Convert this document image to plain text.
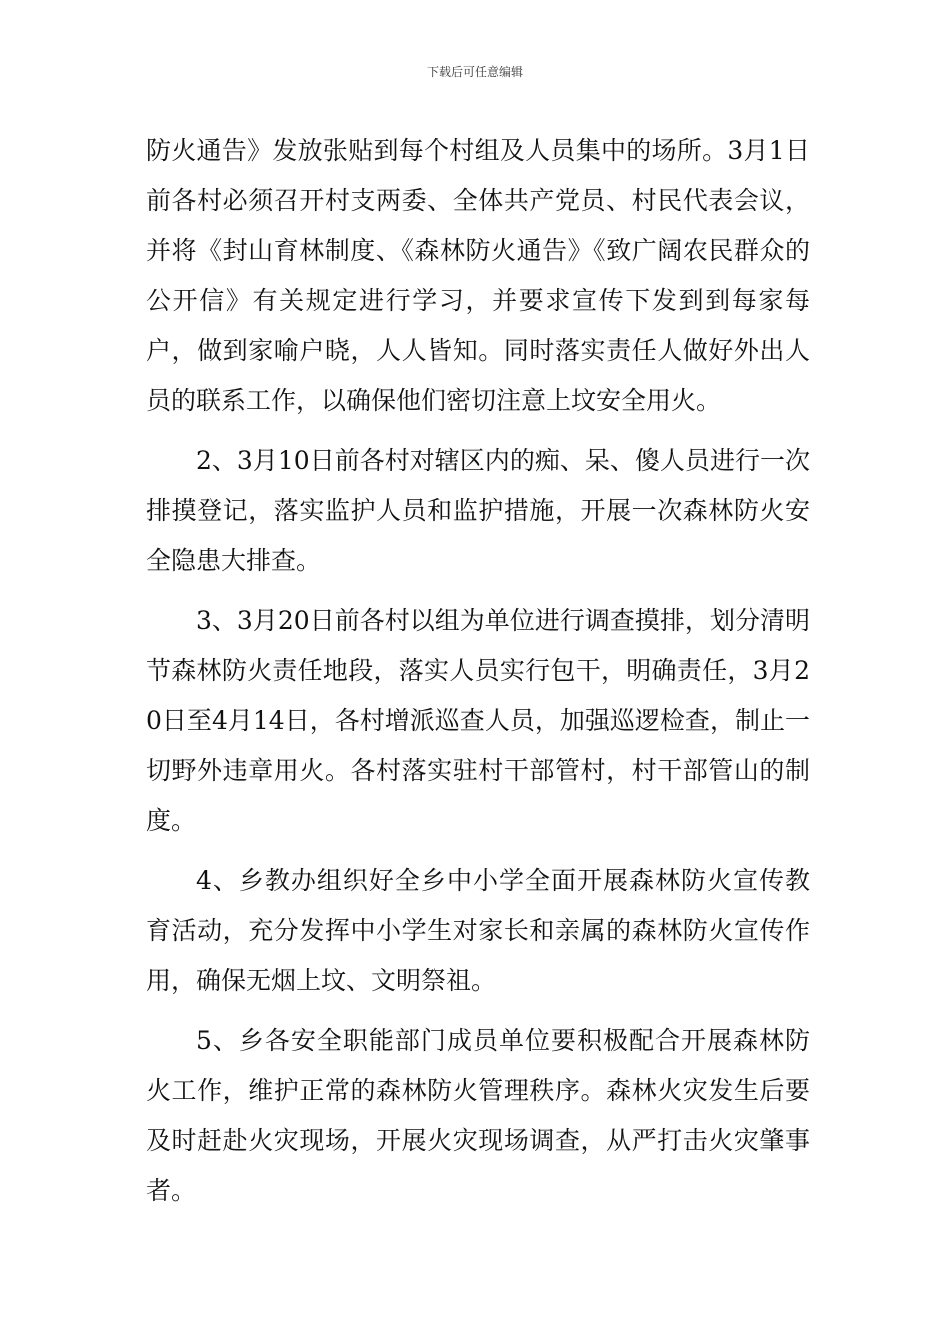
下载后可任意编辑

防火通告》发放张贴到每个村组及人员集中的场所。3月1日前各村必须召开村支两委、全体共产党员、村民代表会议，并将《封山育林制度、《森林防火通告》《致广阔农民群众的公开信》有关规定进行学习，并要求宣传下发到到每家每户，做到家喻户晓，人人皆知。同时落实责任人做好外出人员的联系工作，以确保他们密切注意上坟安全用火。

2、3月10日前各村对辖区内的痴、呆、傻人员进行一次排摸登记，落实监护人员和监护措施，开展一次森林防火安全隐患大排查。

3、3月20日前各村以组为单位进行调查摸排，划分清明节森林防火责任地段，落实人员实行包干，明确责任，3月20日至4月14日，各村增派巡查人员，加强巡逻检查，制止一切野外违章用火。各村落实驻村干部管村，村干部管山的制度。

4、乡教办组织好全乡中小学全面开展森林防火宣传教育活动，充分发挥中小学生对家长和亲属的森林防火宣传作用，确保无烟上坟、文明祭祖。

5、乡各安全职能部门成员单位要积极配合开展森林防火工作，维护正常的森林防火管理秩序。森林火灾发生后要及时赶赴火灾现场，开展火灾现场调查，从严打击火灾肇事者。
